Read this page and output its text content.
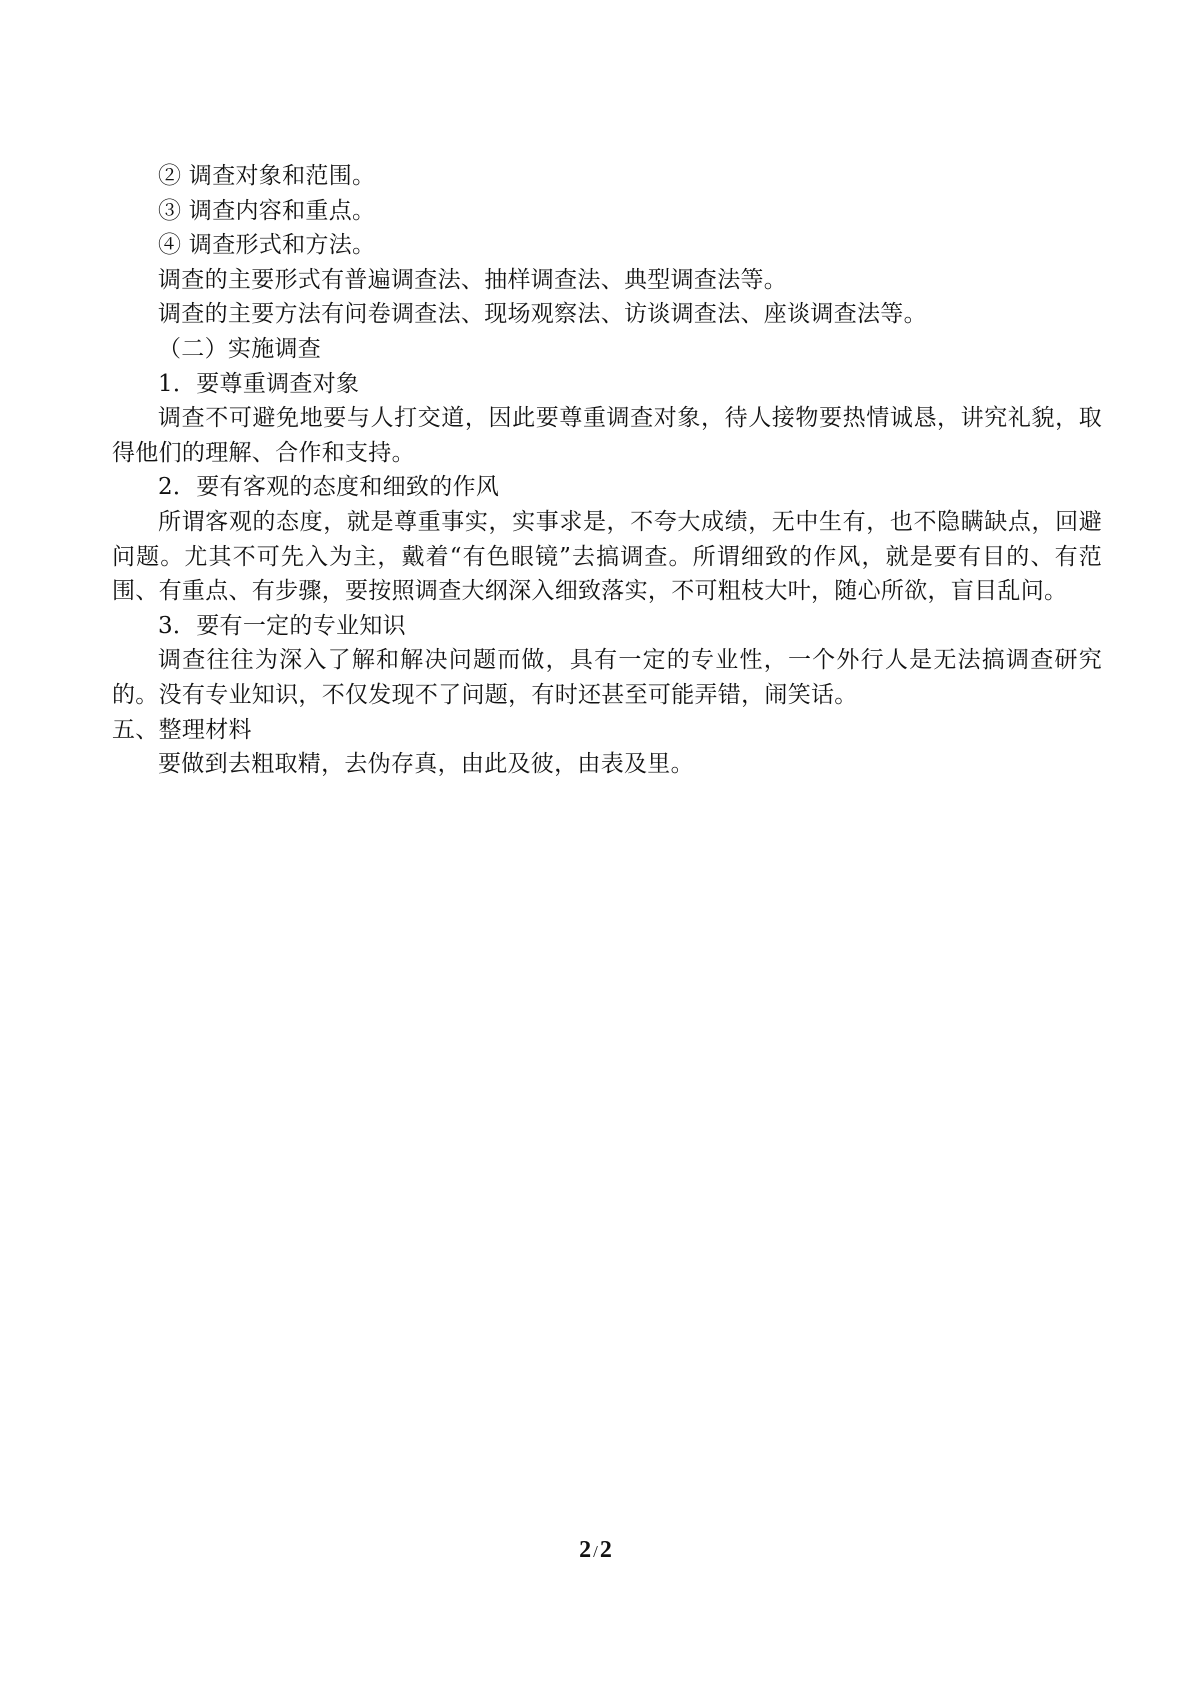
② 调查对象和范围。
③ 调查内容和重点。
④ 调查形式和方法。
调查的主要形式有普遍调查法、抽样调查法、典型调查法等。
调查的主要方法有问卷调查法、现场观察法、访谈调查法、座谈调查法等。
（二）实施调查
1．要尊重调查对象
调查不可避免地要与人打交道，因此要尊重调查对象，待人接物要热情诚恳，讲究礼貌，取得他们的理解、合作和支持。
2．要有客观的态度和细致的作风
所谓客观的态度，就是尊重事实，实事求是，不夸大成绩，无中生有，也不隐瞒缺点，回避问题。尤其不可先入为主，戴着“有色眼镜”去搞调查。所谓细致的作风，就是要有目的、有范围、有重点、有步骤，要按照调查大纲深入细致落实，不可粗枝大叶，随心所欲，盲目乱问。
3．要有一定的专业知识
调查往往为深入了解和解决问题而做，具有一定的专业性，一个外行人是无法搞调查研究的。没有专业知识，不仅发现不了问题，有时还甚至可能弄错，闹笑话。
五、整理材料
要做到去粗取精，去伪存真，由此及彼，由表及里。
2 /2
